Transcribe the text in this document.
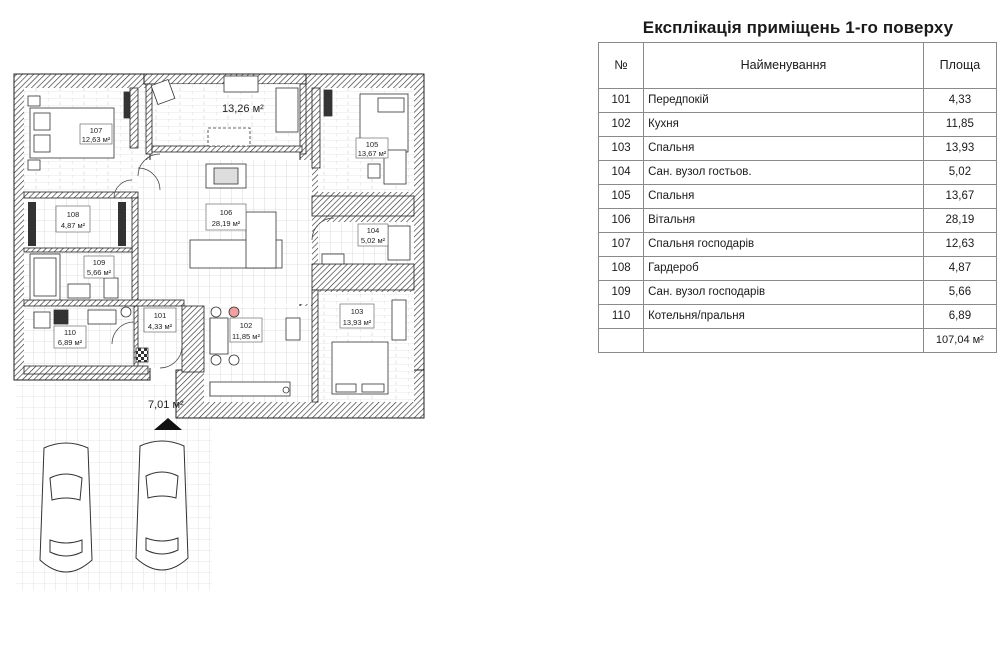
107
12,63 м²
105
13,67 м²
106
28,19 м²
108
4,87 м²
104
5,02 м²
109
5,66 м²
101
4,33 м²	102
11,85 м²
103
13,93 м²
110
6,89 м²
13,26 м²
7,01 м²
Експлікація приміщень 1-го поверху
№	Найменування	Площа
101	Передпокій	4,33
102	Кухня	11,85
103	Спальня	13,93
104	Сан. вузол гостьов.	5,02
105	Спальня	13,67
106	Вітальня	28,19
107	Спальня господарів	12,63
108	Гардероб	4,87
109	Сан. вузол господарів	5,66
110	Котельня/пральня	6,89
		107,04 м²
